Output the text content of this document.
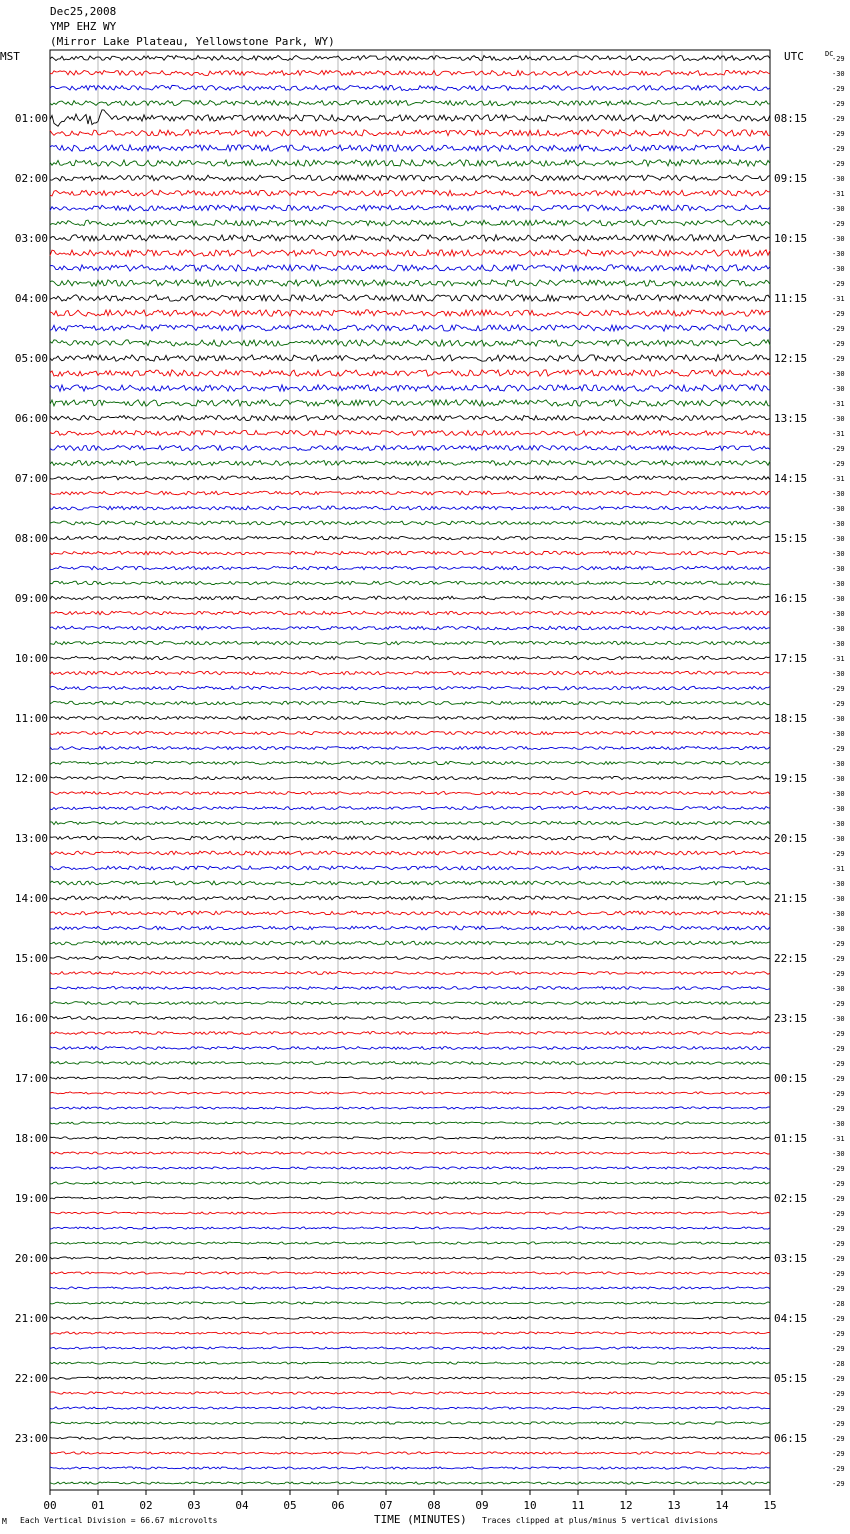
Dec25,2008
YMP EHZ WY
(Mirror Lake Plateau, Yellowstone Park, WY)
MST	UTC	DC
01:00
02:00
03:00
04:00
05:00
06:00
07:00
08:00
09:00
10:00
11:00
12:00
13:00
14:00
15:00
16:00
17:00
18:00
19:00
20:00
21:00
22:00
23:00
08:15
09:15
10:15
11:15
12:15
13:15
14:15
15:15
16:15
17:15
18:15
19:15
20:15
21:15
22:15
23:15
00:15
01:15
02:15
03:15
04:15
05:15
06:15
-29
-30
-29
-29
-29
-29
-29
-29
-30
-31
-30
-29
-30
-30
-30
-29
-31
-29
-29
-29
-29
-30
-30
-31
-30
-31
-29
-29
-31
-30
-30
-30
-30
-30
-30
-30
-30
-30
-30
-30
-31
-30
-29
-29
-30
-30
-29
-30
-30
-30
-30
-30
-30
-29
-31
-30
-30
-30
-30
-29
-29
-29
-30
-29
-30
-29
-29
-29
-29
-29
-29
-30
-31
-30
-29
-29
-29
-29
-29
-29
-29
-29
-29
-28
-29
-29
-29
-28
-29
-29
-29
-29
-29
-29
-29
-29
00	01	02	03	04	05	06	07	08	09	10	11	12	13	14	15
M Each Vertical Division = 66.67 microvolts	TIME (MINUTES) Traces clipped at plus/minus 5 vertical divisions
